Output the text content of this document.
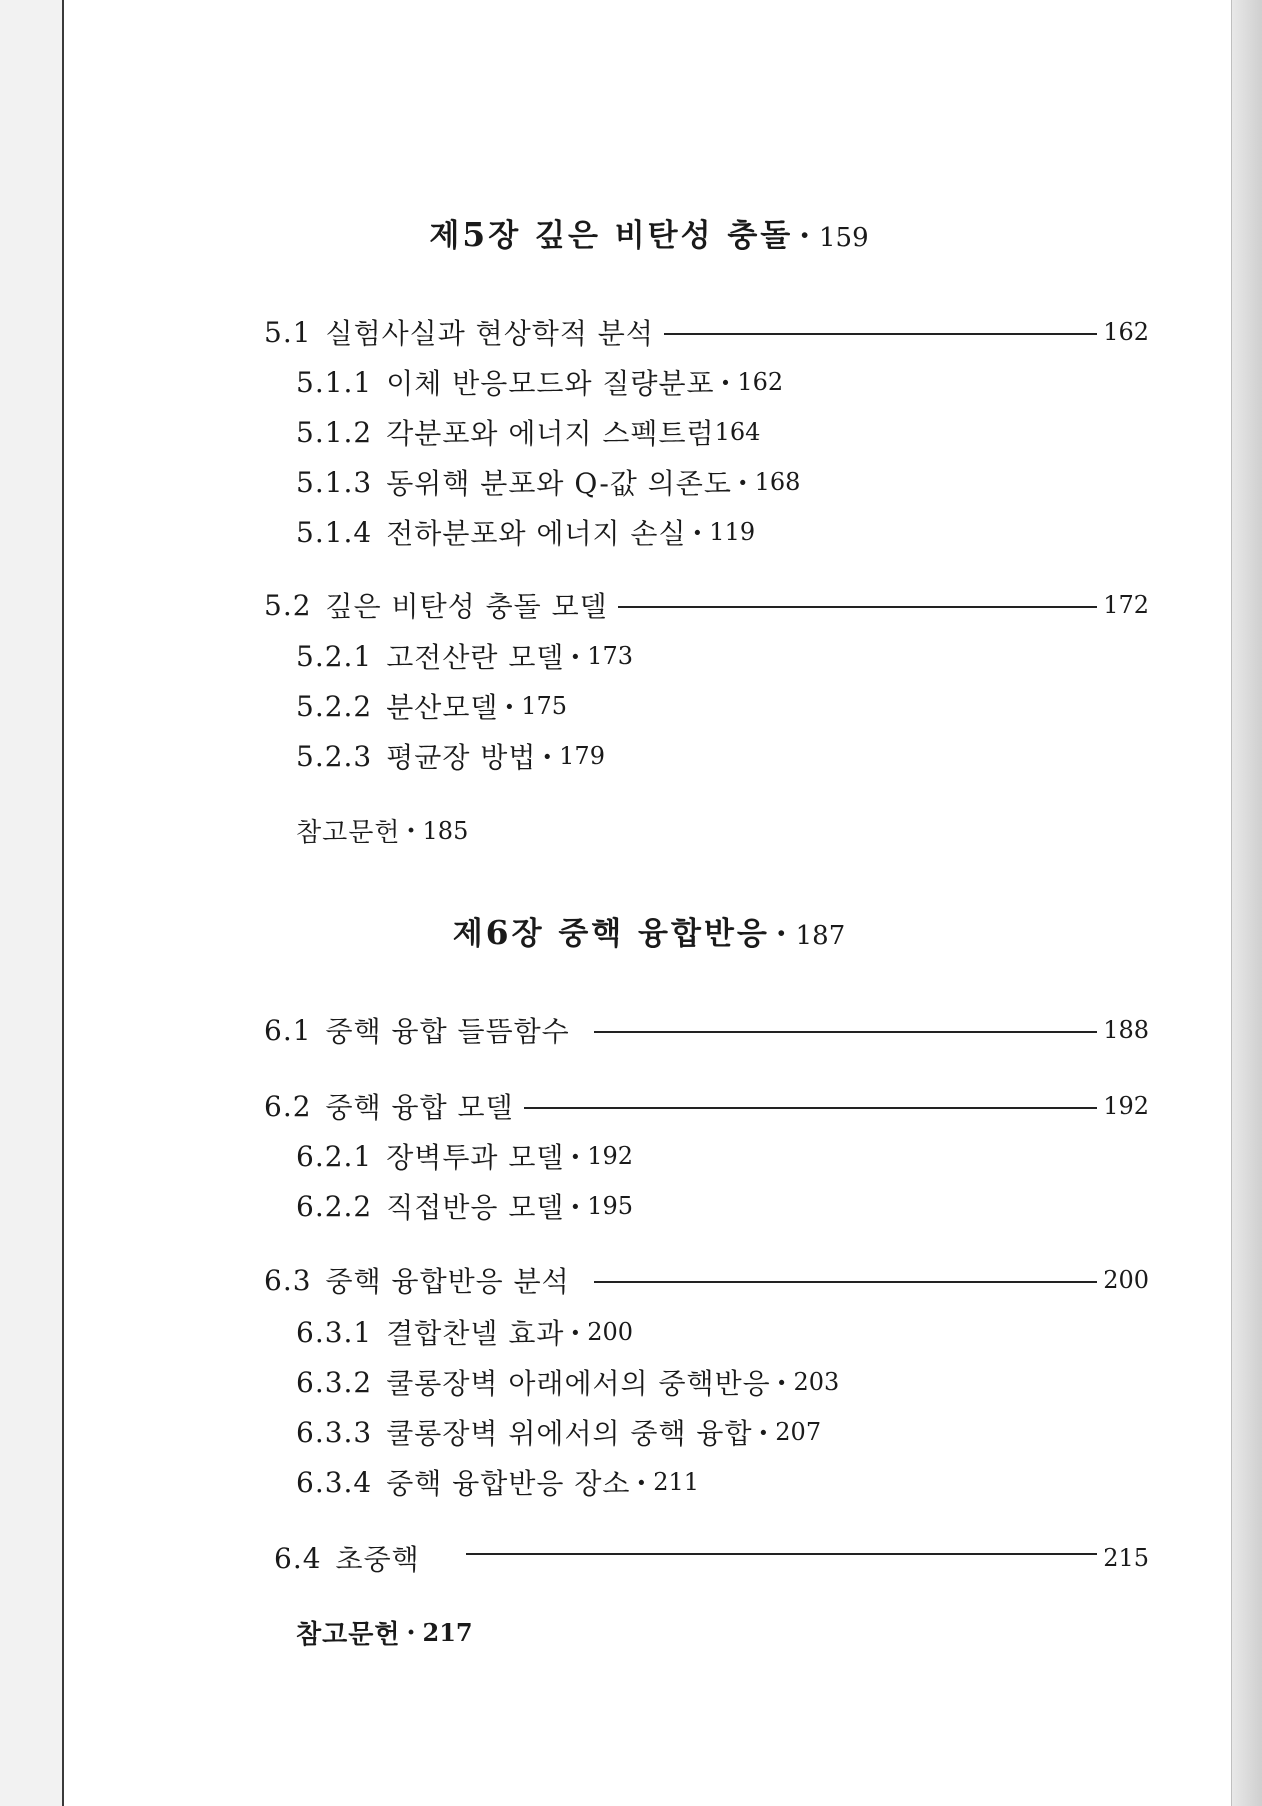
제5장 깊은 비탄성 충돌 · 159
5.1 실험사실과 현상학적 분석	162
5.1.1 이체 반응모드와 질량분포 · 162
5.1.2 각분포와 에너지 스펙트럼 164
5.1.3 동위핵 분포와 Q-값 의존도 · 168
5.1.4 전하분포와 에너지 손실 · 119
5.2 깊은 비탄성 충돌 모델	172
5.2.1 고전산란 모델 · 173
5.2.2 분산모델 · 175
5.2.3 평균장 방법 · 179
참고문헌 · 185
제6장 중핵 융합반응 · 187
6.1 중핵 융합 들뜸함수	188
6.2 중핵 융합 모델	192
6.2.1 장벽투과 모델 · 192
6.2.2 직접반응 모델 · 195
6.3 중핵 융합반응 분석	200
6.3.1 결합찬넬 효과 · 200
6.3.2 쿨롱장벽 아래에서의 중핵반응 · 203
6.3.3 쿨롱장벽 위에서의 중핵 융합 · 207
6.3.4 중핵 융합반응 장소 · 211
6.4 초중핵	215
참고문헌 · 217
